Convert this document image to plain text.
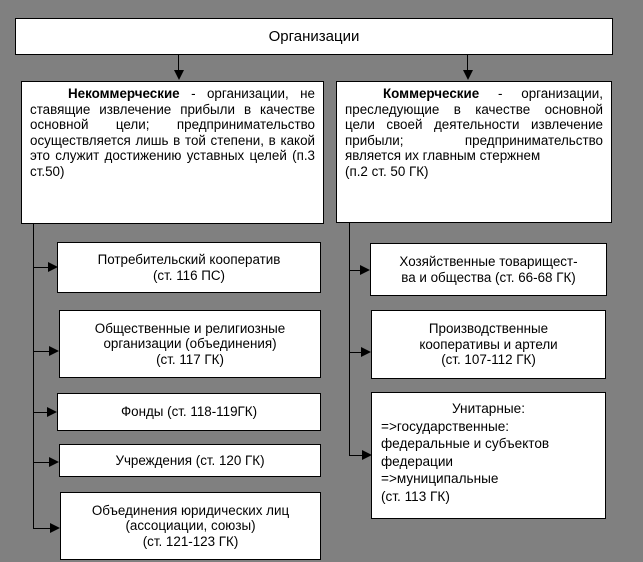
Организации
Некоммерческие - организации, не ставящие извлечение прибыли в качестве основной цели; предпринимательство осуществляется лишь в той степени, в какой это служит достижению уставных целей (п.3 ст.50)
Коммерческие - организации, преследующие в качестве основной цели своей деятельности извлечение прибыли; предпринимательство является их главным стержнем
(п.2 ст. 50 ГК)
Потребительский кооператив
(ст. 116 ПС)
Общественные и религиозные
организации (объединения)
(ст. 117 ГК)
Фонды (ст. 118-119ГК)
Учреждения (ст. 120 ГК)
Объединения юридических лиц
(ассоциации, союзы)
(ст. 121-123 ГК)
Хозяйственные товарищест-
ва и общества (ст. 66-68 ГК)
Производственные
кооперативы и артели
(ст. 107-112 ГК)
Унитарные:
=>государственные:
федеральные и субъектов
федерации
=>муниципальные
(ст. 113 ГК)
